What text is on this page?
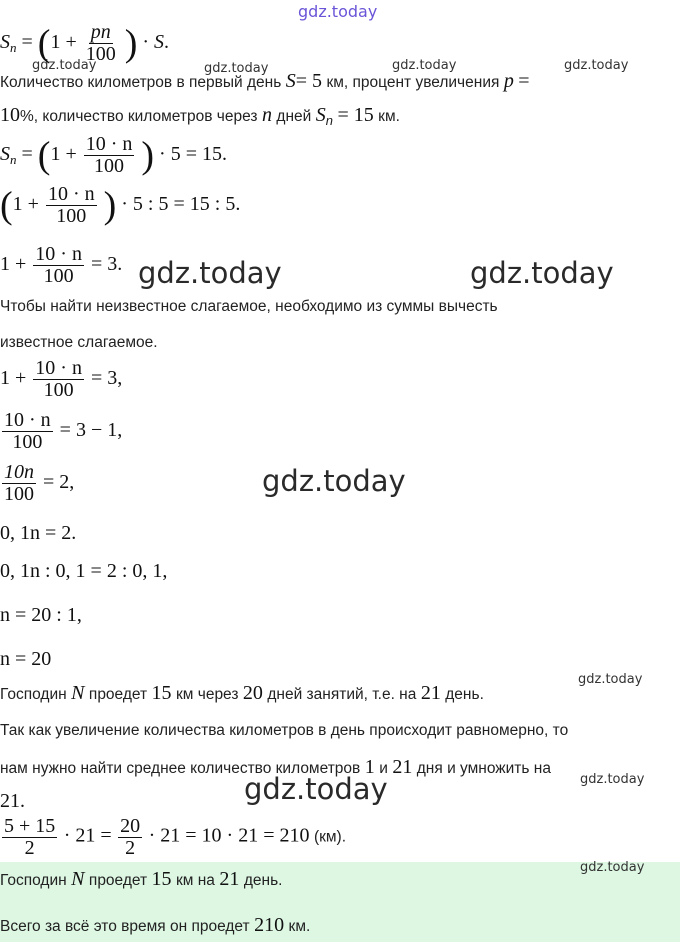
gdz.today
gdz.today	gdz.today	gdz.today	gdz.today
gdz.today	gdz.today
gdz.today
gdz.today
gdz.today	gdz.today
$S_n = (1 + \frac{pn}{100}$ ) · S.
Количество километров в первый день S= 5 км, процент увеличения p =
10%, количество километров через n дней $S_n = 15$ км.
$S_n = (1 + \frac{10 \cdot n}{100}$ ) · 5 = 15.
($1 + \frac{10 \cdot n}{100}$ ) · 5 : 5 = 15 : 5.
$1 + \frac{10 \cdot n}{100} = 3$.
Чтобы найти неизвестное слагаемое, необходимо из суммы вычесть
известное слагаемое.
$1 + \frac{10 \cdot n}{100} = 3$,
$\frac{10 \cdot n}{100} = 3 - 1$,
$\frac{10n}{100} = 2$,
0, 1n = 2.
0, 1n : 0, 1 = 2 : 0, 1,
n = 20 : 1,
n = 20
Господин N проедет 15 км через 20 дней занятий, т.е. на 21 день.
Так как увеличение количества километров в день происходит равномерно, то
нам нужно найти среднее количество километров 1 и 21 дня и умножить на
21.
$\frac{5 + 15}{2} \cdot 21 = \frac{20}{2} \cdot 21 = 10 \cdot 21 = 210$ (км).
gdz.today
Господин N проедет 15 км на 21 день.
Всего за всё это время он проедет 210 км.
